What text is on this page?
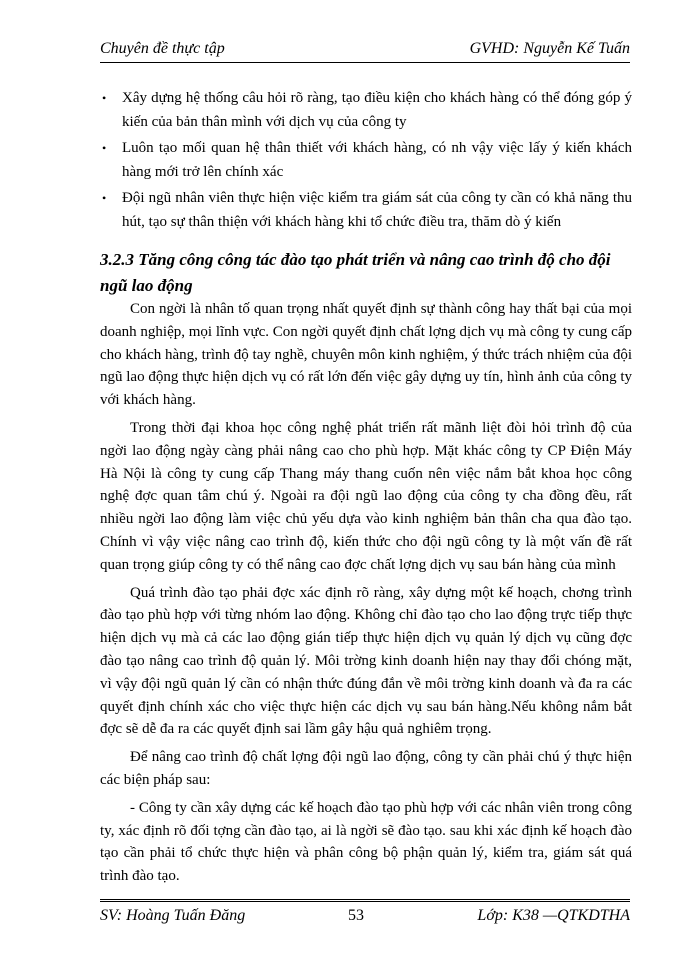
Chuyên đề thực tập	GVHD: Nguyễn Kế Tuấn
• Xây dựng hệ thống câu hỏi rõ ràng, tạo điều kiện cho khách hàng có thể đóng góp ý kiến của bản thân mình với dịch vụ của công ty
• Luôn tạo mối quan hệ thân thiết với khách hàng, có nh vậy việc lấy ý kiến khách hàng mới trở lên chính xác
• Đội ngũ nhân viên thực hiện việc kiểm tra giám sát của công ty cần có khả năng thu hút, tạo sự thân thiện với khách hàng khi tổ chức điều tra, thăm dò ý kiến
3.2.3 Tăng công công tác đào tạo phát triển và nâng cao trình độ cho đội ngũ lao động

Con ngời là nhân tố quan trọng nhất quyết định sự thành công hay thất bại của mọi doanh nghiệp, mọi lĩnh vực. Con ngời quyết định chất lợng dịch vụ mà công ty cung cấp cho khách hàng, trình độ tay nghề, chuyên môn kinh nghiệm, ý thức trách nhiệm của đội ngũ lao động thực hiện dịch vụ có rất lớn đến việc gây dựng uy tín, hình ảnh của công ty với khách hàng.

Trong thời đại khoa học công nghệ phát triển rất mãnh liệt đòi hỏi trình độ của ngời lao động ngày càng phải nâng cao cho phù hợp. Mặt khác công ty CP Điện Máy Hà Nội là công ty cung cấp Thang máy thang cuốn nên việc nắm bắt khoa học công nghệ đợc quan tâm chú ý. Ngoài ra đội ngũ lao động của công ty cha đồng đều, rất nhiều ngời lao động làm việc chủ yếu dựa vào kinh nghiệm bản thân cha qua đào tạo. Chính vì vậy việc nâng cao trình độ, kiến thức cho đội ngũ công ty là một vấn đề rất quan trọng giúp công ty có thể nâng cao đợc chất lợng dịch vụ sau bán hàng của mình

Quá trình đào tạo phải đợc xác định rõ ràng, xây dựng một kế hoạch, chơng trình đào tạo phù hợp với từng nhóm lao động. Không chỉ đào tạo cho lao động trực tiếp thực hiện dịch vụ mà cả các lao động gián tiếp thực hiện dịch vụ quản lý dịch vụ cũng đợc đào tạo nâng cao trình độ quản lý. Môi trờng kinh doanh hiện nay thay đổi chóng mặt, vì vậy đội ngũ quản lý cần có nhận thức đúng đắn về môi trờng kinh doanh và đa ra các quyết định chính xác cho việc thực hiện các dịch vụ sau bán hàng.Nếu không nắm bắt đợc sẽ dễ đa ra các quyết định sai lầm gây hậu quả nghiêm trọng.

Để nâng cao trình độ chất lợng đội ngũ lao động, công ty cần phải chú ý thực hiện các biện pháp sau:

- Công ty cần xây dựng các kế hoạch đào tạo phù hợp với các nhân viên trong công ty, xác định rõ đối tợng cần đào tạo, ai là ngời sẽ đào tạo. sau khi xác định kế hoạch đào tạo cần phải tổ chức thực hiện và phân công bộ phận quản lý, kiểm tra, giám sát quá trình đào tạo.

SV: Hoàng Tuấn Đăng	53	Lớp: K38 —QTKDTHA
